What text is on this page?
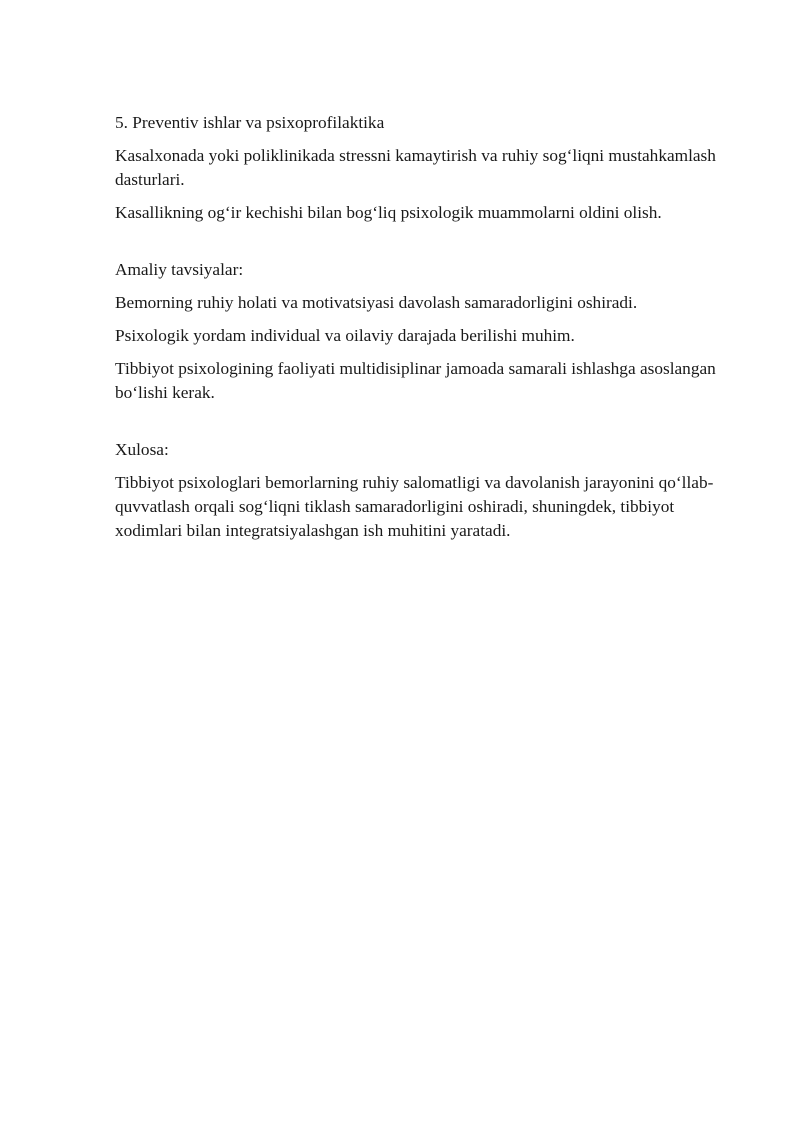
5. Preventiv ishlar va psixoprofilaktika

Kasalxonada yoki poliklinikada stressni kamaytirish va ruhiy sog‘liqni mustahkamlash dasturlari.

Kasallikning og‘ir kechishi bilan bog‘liq psixologik muammolarni oldini olish.

Amaliy tavsiyalar:

Bemorning ruhiy holati va motivatsiyasi davolash samaradorligini oshiradi.

Psixologik yordam individual va oilaviy darajada berilishi muhim.

Tibbiyot psixologining faoliyati multidisiplinar jamoada samarali ishlashga asoslangan bo‘lishi kerak.

Xulosa:

Tibbiyot psixologlari bemorlarning ruhiy salomatligi va davolanish jarayonini qo‘llab-quvvatlash orqali sog‘liqni tiklash samaradorligini oshiradi, shuningdek, tibbiyot xodimlari bilan integratsiyalashgan ish muhitini yaratadi.
